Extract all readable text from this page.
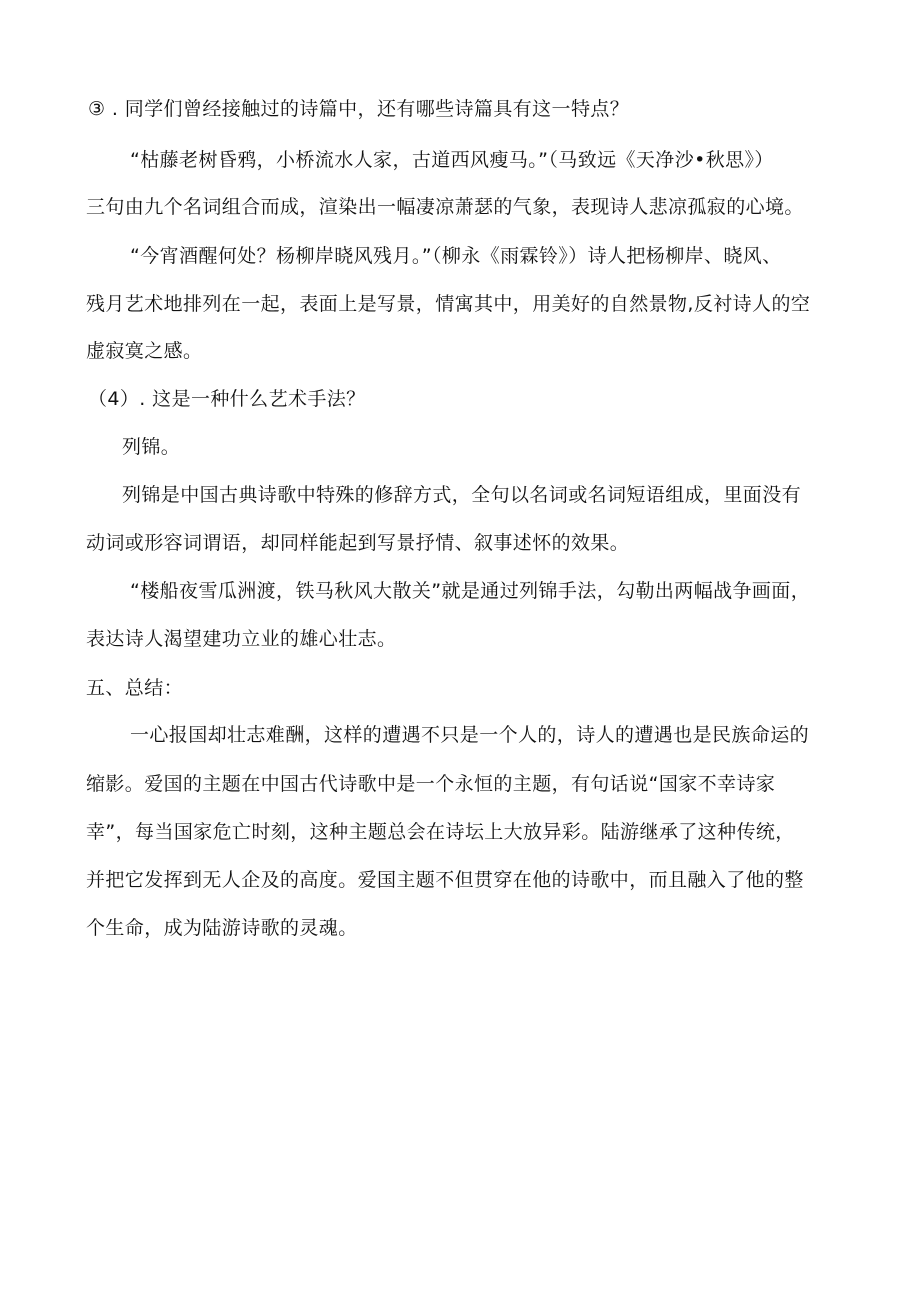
③ . 同学们曾经接触过的诗篇中，还有哪些诗篇具有这一特点？
“枯藤老树昏鸦，小桥流水人家，古道西风瘦马。”（马致远《天净沙•秋思》）
三句由九个名词组合而成，渲染出一幅凄凉萧瑟的气象，表现诗人悲凉孤寂的心境。
“今宵酒醒何处？杨柳岸晓风残月。”（柳永《雨霖铃》）诗人把杨柳岸、晓风、
残月艺术地排列在一起，表面上是写景，情寓其中，用美好的自然景物,反衬诗人的空
虚寂寞之感。
（4）. 这是一种什么艺术手法？
列锦。
列锦是中国古典诗歌中特殊的修辞方式，全句以名词或名词短语组成，里面没有
动词或形容词谓语，却同样能起到写景抒情、叙事述怀的效果。
“楼船夜雪瓜洲渡，铁马秋风大散关”就是通过列锦手法，勾勒出两幅战争画面，
表达诗人渴望建功立业的雄心壮志。
五、总结：
一心报国却壮志难酬，这样的遭遇不只是一个人的，诗人的遭遇也是民族命运的
缩影。爱国的主题在中国古代诗歌中是一个永恒的主题，有句话说“国家不幸诗家
幸”，每当国家危亡时刻，这种主题总会在诗坛上大放异彩。陆游继承了这种传统，
并把它发挥到无人企及的高度。爱国主题不但贯穿在他的诗歌中，而且融入了他的整
个生命，成为陆游诗歌的灵魂。
